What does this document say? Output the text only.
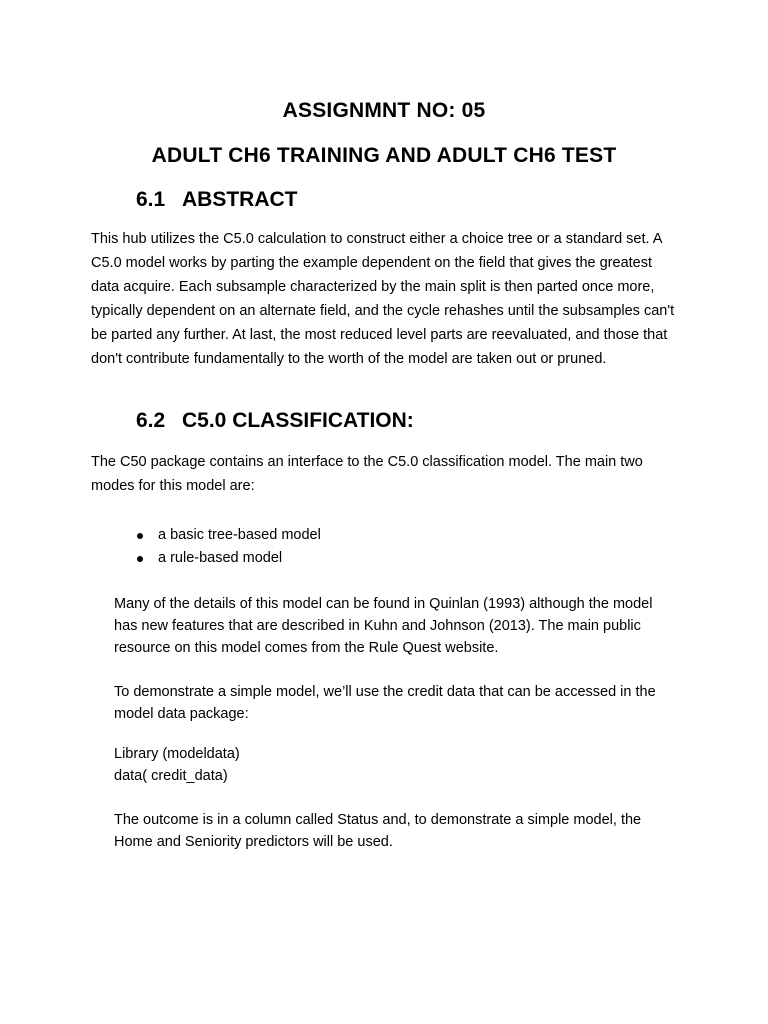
ASSIGNMNT NO: 05
ADULT CH6 TRAINING AND ADULT CH6 TEST
6.1 ABSTRACT

This hub utilizes the C5.0 calculation to construct either a choice tree or a standard set. A C5.0 model works by parting the example dependent on the field that gives the greatest data acquire. Each subsample characterized by the main split is then parted once more, typically dependent on an alternate field, and the cycle rehashes until the subsamples can't be parted any further. At last, the most reduced level parts are reevaluated, and those that don't contribute fundamentally to the worth of the model are taken out or pruned.

6.2 C5.0 CLASSIFICATION:

The C50 package contains an interface to the C5.0 classification model. The main two modes for this model are:

a basic tree-based model
a rule-based model

Many of the details of this model can be found in Quinlan (1993) although the model has new features that are described in Kuhn and Johnson (2013). The main public resource on this model comes from the Rule Quest website.

To demonstrate a simple model, we’ll use the credit data that can be accessed in the model data package:

Library (modeldata)
data( credit_data)

The outcome is in a column called Status and, to demonstrate a simple model, the Home and Seniority predictors will be used.
